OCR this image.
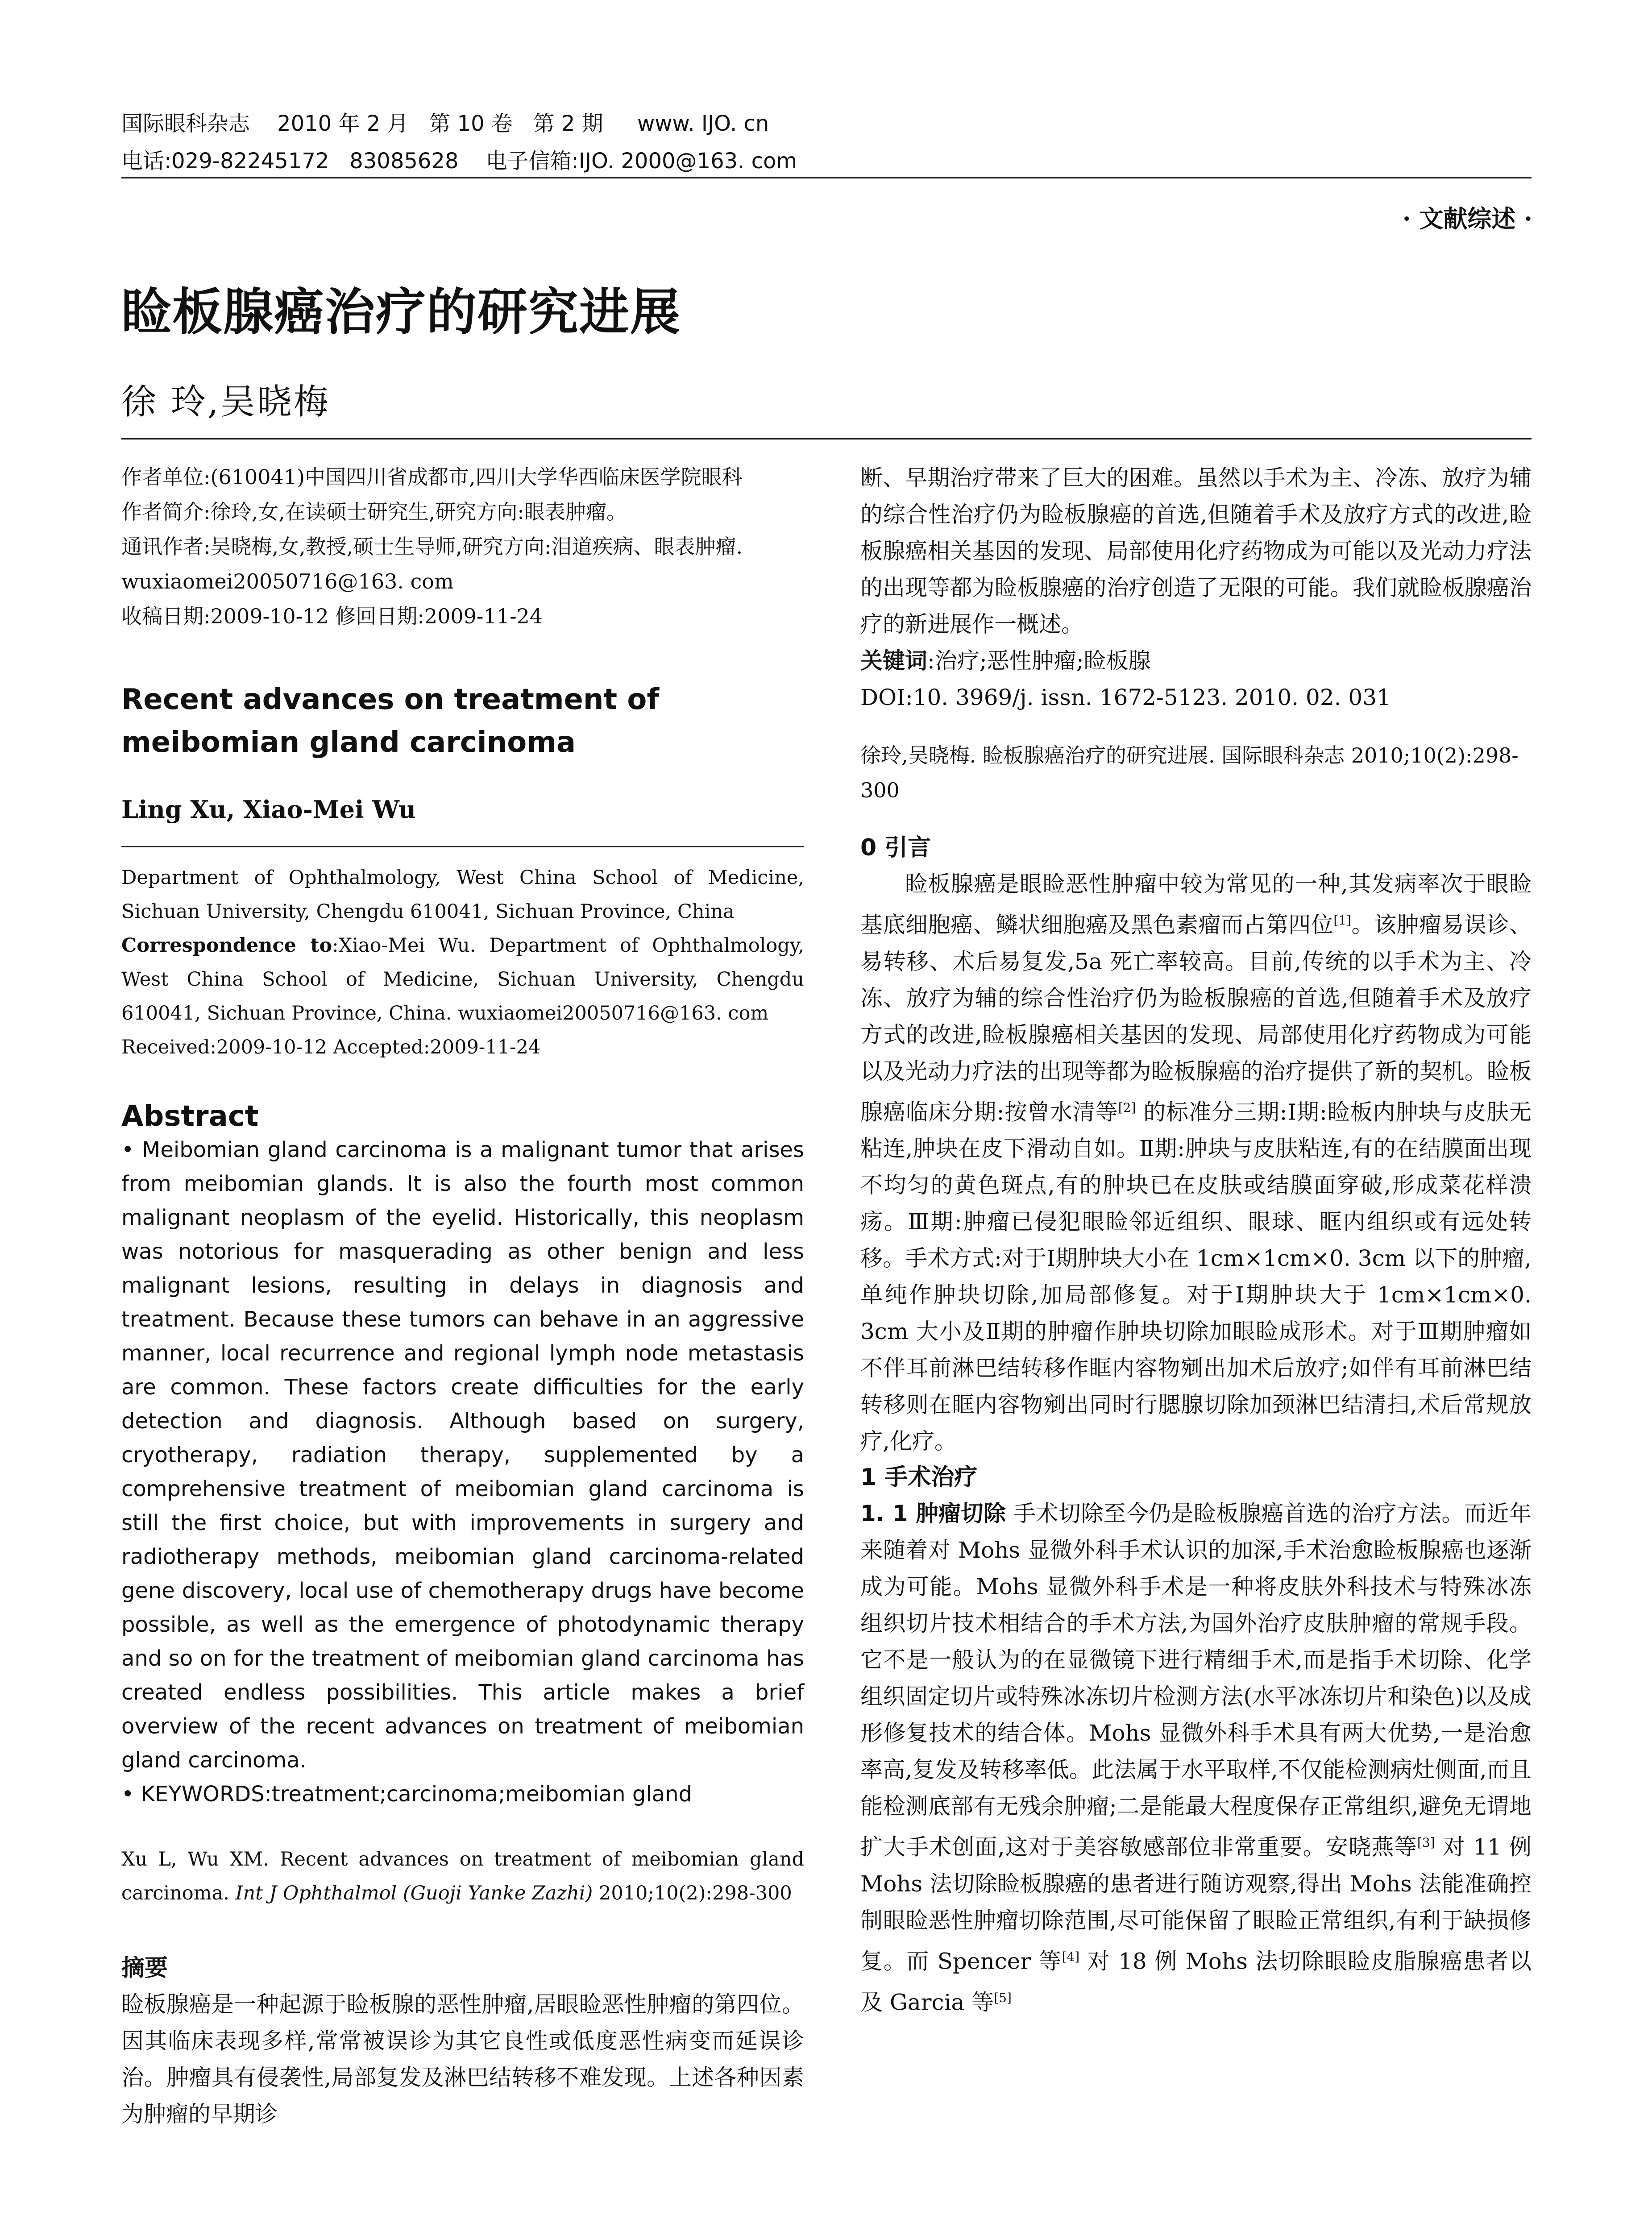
国际眼科杂志    2010 年 2 月   第 10 卷   第 2 期     www. IJO. cn
电话:029-82245172   83085628    电子信箱:IJO. 2000@163. com
· 文献综述 ·
睑板腺癌治疗的研究进展
徐 玲,吴晓梅

作者单位:(610041)中国四川省成都市,四川大学华西临床医学院眼科

作者简介:徐玲,女,在读硕士研究生,研究方向:眼表肿瘤。

通讯作者:吴晓梅,女,教授,硕士生导师,研究方向:泪道疾病、眼表肿瘤. wuxiaomei20050716@163. com

收稿日期:2009-10-12 修回日期:2009-11-24

Recent advances on treatment of meibomian gland carcinoma

Ling Xu, Xiao-Mei Wu

Department of Ophthalmology, West China School of Medicine, Sichuan University, Chengdu 610041, Sichuan Province, China

Correspondence to:Xiao-Mei Wu. Department of Ophthalmology, West China School of Medicine, Sichuan University, Chengdu 610041, Sichuan Province, China. wuxiaomei20050716@163. com

Received:2009-10-12 Accepted:2009-11-24

Abstract

• Meibomian gland carcinoma is a malignant tumor that arises from meibomian glands. It is also the fourth most common malignant neoplasm of the eyelid. Historically, this neoplasm was notorious for masquerading as other benign and less malignant lesions, resulting in delays in diagnosis and treatment. Because these tumors can behave in an aggressive manner, local recurrence and regional lymph node metastasis are common. These factors create difficulties for the early detection and diagnosis. Although based on surgery, cryotherapy, radiation therapy, supplemented by a comprehensive treatment of meibomian gland carcinoma is still the first choice, but with improvements in surgery and radiotherapy methods, meibomian gland carcinoma-related gene discovery, local use of chemotherapy drugs have become possible, as well as the emergence of photodynamic therapy and so on for the treatment of meibomian gland carcinoma has created endless possibilities. This article makes a brief overview of the recent advances on treatment of meibomian gland carcinoma.

• KEYWORDS:treatment;carcinoma;meibomian gland

Xu L, Wu XM. Recent advances on treatment of meibomian gland carcinoma. Int J Ophthalmol (Guoji Yanke Zazhi) 2010;10(2):298-300

摘要

睑板腺癌是一种起源于睑板腺的恶性肿瘤,居眼睑恶性肿瘤的第四位。因其临床表现多样,常常被误诊为其它良性或低度恶性病变而延误诊治。肿瘤具有侵袭性,局部复发及淋巴结转移不难发现。上述各种因素为肿瘤的早期诊

断、早期治疗带来了巨大的困难。虽然以手术为主、冷冻、放疗为辅的综合性治疗仍为睑板腺癌的首选,但随着手术及放疗方式的改进,睑板腺癌相关基因的发现、局部使用化疗药物成为可能以及光动力疗法的出现等都为睑板腺癌的治疗创造了无限的可能。我们就睑板腺癌治疗的新进展作一概述。

关键词:治疗;恶性肿瘤;睑板腺

DOI:10. 3969/j. issn. 1672-5123. 2010. 02. 031

徐玲,吴晓梅. 睑板腺癌治疗的研究进展. 国际眼科杂志 2010;10(2):298-300

0 引言

睑板腺癌是眼睑恶性肿瘤中较为常见的一种,其发病率次于眼睑基底细胞癌、鳞状细胞癌及黑色素瘤而占第四位[1]。该肿瘤易误诊、易转移、术后易复发,5a 死亡率较高。目前,传统的以手术为主、冷冻、放疗为辅的综合性治疗仍为睑板腺癌的首选,但随着手术及放疗方式的改进,睑板腺癌相关基因的发现、局部使用化疗药物成为可能以及光动力疗法的出现等都为睑板腺癌的治疗提供了新的契机。睑板腺癌临床分期:按曾水清等[2] 的标准分三期:Ⅰ期:睑板内肿块与皮肤无粘连,肿块在皮下滑动自如。Ⅱ期:肿块与皮肤粘连,有的在结膜面出现不均匀的黄色斑点,有的肿块已在皮肤或结膜面穿破,形成菜花样溃疡。Ⅲ期:肿瘤已侵犯眼睑邻近组织、眼球、眶内组织或有远处转移。手术方式:对于Ⅰ期肿块大小在 1cm×1cm×0. 3cm 以下的肿瘤,单纯作肿块切除,加局部修复。对于Ⅰ期肿块大于 1cm×1cm×0. 3cm 大小及Ⅱ期的肿瘤作肿块切除加眼睑成形术。对于Ⅲ期肿瘤如不伴耳前淋巴结转移作眶内容物剜出加术后放疗;如伴有耳前淋巴结转移则在眶内容物剜出同时行腮腺切除加颈淋巴结清扫,术后常规放疗,化疗。

1 手术治疗

1. 1 肿瘤切除 手术切除至今仍是睑板腺癌首选的治疗方法。而近年来随着对 Mohs 显微外科手术认识的加深,手术治愈睑板腺癌也逐渐成为可能。Mohs 显微外科手术是一种将皮肤外科技术与特殊冰冻组织切片技术相结合的手术方法,为国外治疗皮肤肿瘤的常规手段。它不是一般认为的在显微镜下进行精细手术,而是指手术切除、化学组织固定切片或特殊冰冻切片检测方法(水平冰冻切片和染色)以及成形修复技术的结合体。Mohs 显微外科手术具有两大优势,一是治愈率高,复发及转移率低。此法属于水平取样,不仅能检测病灶侧面,而且能检测底部有无残余肿瘤;二是能最大程度保存正常组织,避免无谓地扩大手术创面,这对于美容敏感部位非常重要。安晓燕等[3] 对 11 例 Mohs 法切除睑板腺癌的患者进行随访观察,得出 Mohs 法能准确控制眼睑恶性肿瘤切除范围,尽可能保留了眼睑正常组织,有利于缺损修复。而 Spencer 等[4] 对 18 例 Mohs 法切除眼睑皮脂腺癌患者以及 Garcia 等[5]
